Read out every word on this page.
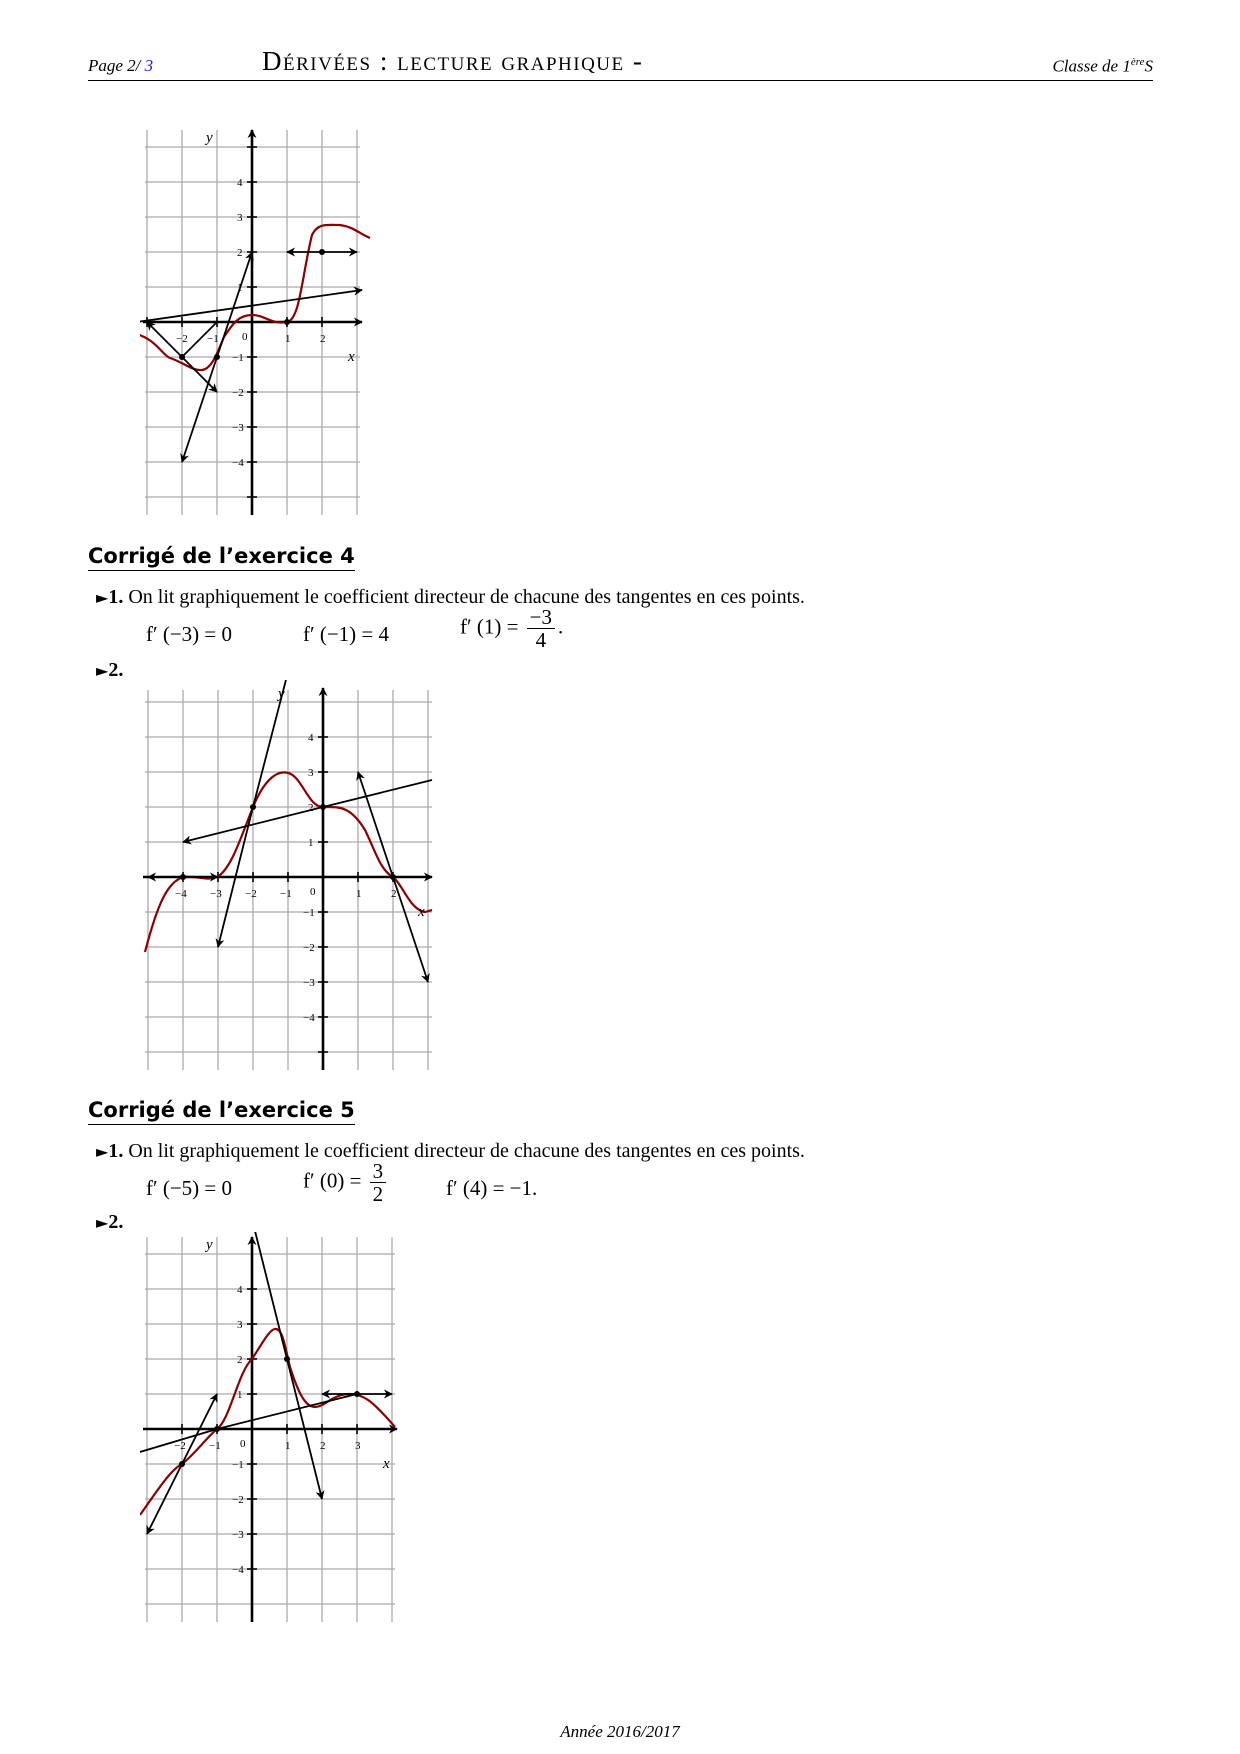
Page 2/ 3	Dérivées : lecture graphique -	Classe de 1èreS
−2 −1 0	1	2
4
3
2
1
−1
−2
−3
−4
x
y
Corrigé de l’exercice 4
►1. On lit graphiquement le coefficient directeur de chacune des tangentes en ces points.
f′ (−3) = 0	f′ (−1) = 4	f′ $(1) = \frac{-3}{4}$ .
►2.
−4 −3 −2 −1 0	1	2
4
3
2
1
−1
−2
−3
−4
x
y
Corrigé de l’exercice 5
►1. On lit graphiquement le coefficient directeur de chacune des tangentes en ces points.
f′ (−5) = 0	f′ $(0) = \frac{3}{2}$	f′ (4) = −1.
►2.
−2 −1 0	1	2	3
4
3
2
1
−1
−2
−3
−4
x
y
Année 2016/2017
